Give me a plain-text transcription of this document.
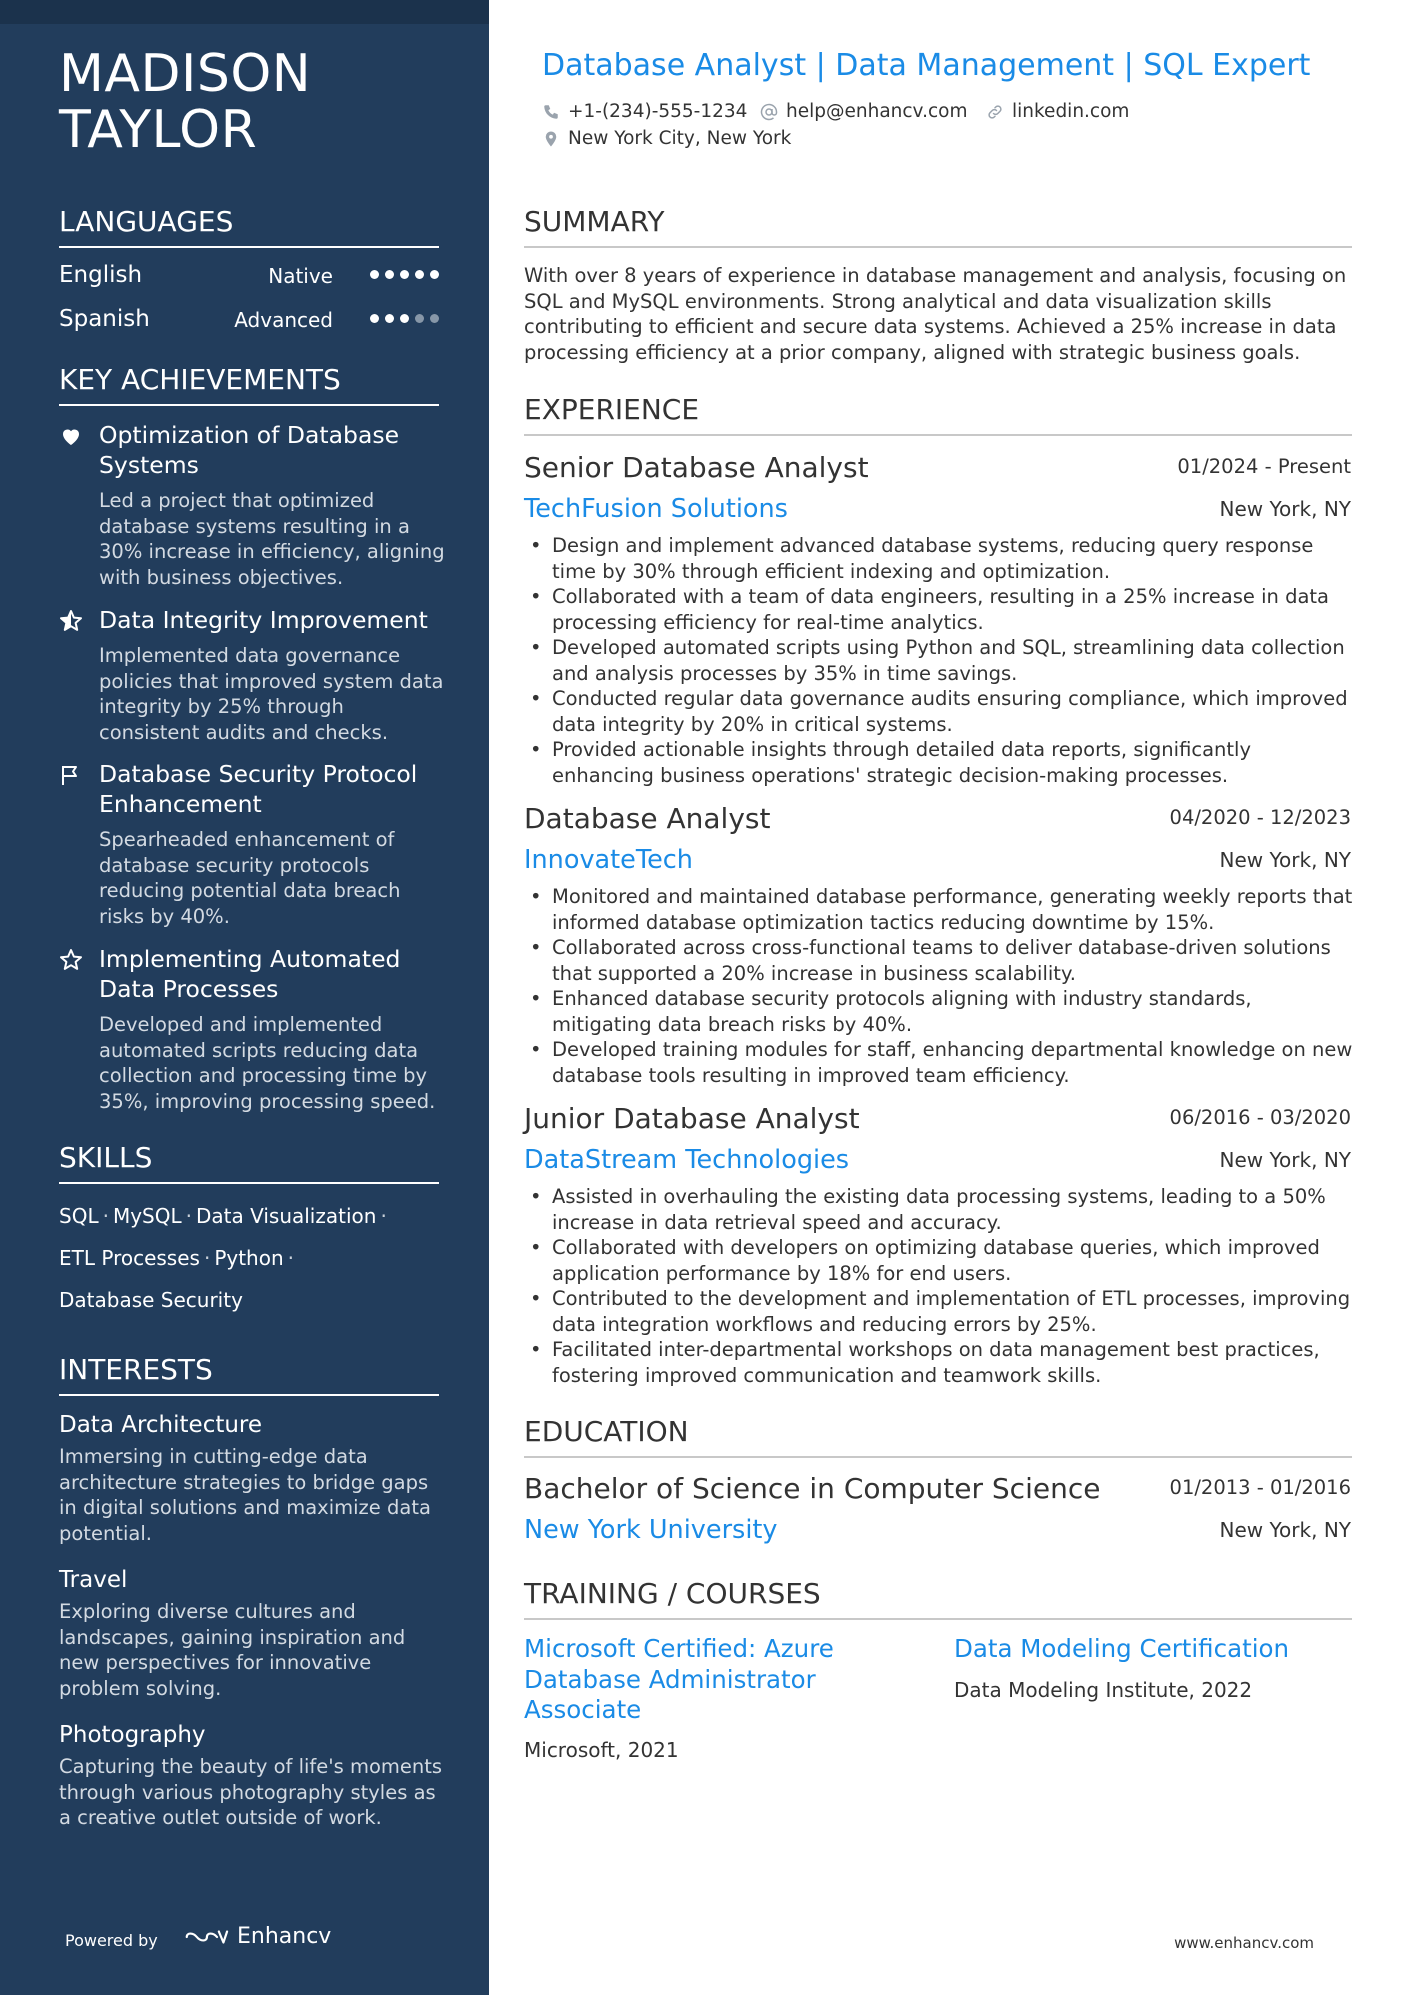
MADISON
TAYLOR
LANGUAGES
English	Native
Spanish	Advanced
KEY ACHIEVEMENTS
Optimization of Database Systems
Led a project that optimized database systems resulting in a 30% increase in efficiency, aligning with business objectives.
Data Integrity Improvement
Implemented data governance policies that improved system data integrity by 25% through consistent audits and checks.
Database Security Protocol Enhancement
Spearheaded enhancement of database security protocols reducing potential data breach risks by 40%.
Implementing Automated Data Processes
Developed and implemented automated scripts reducing data collection and processing time by 35%, improving processing speed.
SKILLS
SQL · MySQL · Data Visualization ·
ETL Processes · Python ·
Database Security
INTERESTS
Data Architecture
Immersing in cutting-edge data architecture strategies to bridge gaps in digital solutions and maximize data potential.
Travel
Exploring diverse cultures and landscapes, gaining inspiration and new perspectives for innovative problem solving.
Photography
Capturing the beauty of life's moments through various photography styles as a creative outlet outside of work.
Powered by	Enhancv
Database Analyst | Data Management | SQL Expert
+1-(234)-555-1234 help@enhancv.com linkedin.com
New York City, New York
SUMMARY
With over 8 years of experience in database management and analysis, focusing on SQL and MySQL environments. Strong analytical and data visualization skills contributing to efficient and secure data systems. Achieved a 25% increase in data processing efficiency at a prior company, aligned with strategic business goals.
EXPERIENCE
Senior Database Analyst	01/2024 - Present
TechFusion Solutions	New York, NY
• Design and implement advanced database systems, reducing query response time by 30% through efficient indexing and optimization.
• Collaborated with a team of data engineers, resulting in a 25% increase in data processing efficiency for real-time analytics.
• Developed automated scripts using Python and SQL, streamlining data collection and analysis processes by 35% in time savings.
• Conducted regular data governance audits ensuring compliance, which improved data integrity by 20% in critical systems.
• Provided actionable insights through detailed data reports, significantly enhancing business operations' strategic decision-making processes.
Database Analyst	04/2020 - 12/2023
InnovateTech	New York, NY
• Monitored and maintained database performance, generating weekly reports that informed database optimization tactics reducing downtime by 15%.
• Collaborated across cross-functional teams to deliver database-driven solutions that supported a 20% increase in business scalability.
• Enhanced database security protocols aligning with industry standards, mitigating data breach risks by 40%.
• Developed training modules for staff, enhancing departmental knowledge on new database tools resulting in improved team efficiency.
Junior Database Analyst	06/2016 - 03/2020
DataStream Technologies	New York, NY
• Assisted in overhauling the existing data processing systems, leading to a 50% increase in data retrieval speed and accuracy.
• Collaborated with developers on optimizing database queries, which improved application performance by 18% for end users.
• Contributed to the development and implementation of ETL processes, improving data integration workflows and reducing errors by 25%.
• Facilitated inter-departmental workshops on data management best practices, fostering improved communication and teamwork skills.
EDUCATION
Bachelor of Science in Computer Science	01/2013 - 01/2016
New York University	New York, NY
TRAINING / COURSES
Microsoft Certified: Azure Database Administrator Associate
Microsoft, 2021
Data Modeling Certification
Data Modeling Institute, 2022
www.enhancv.com
